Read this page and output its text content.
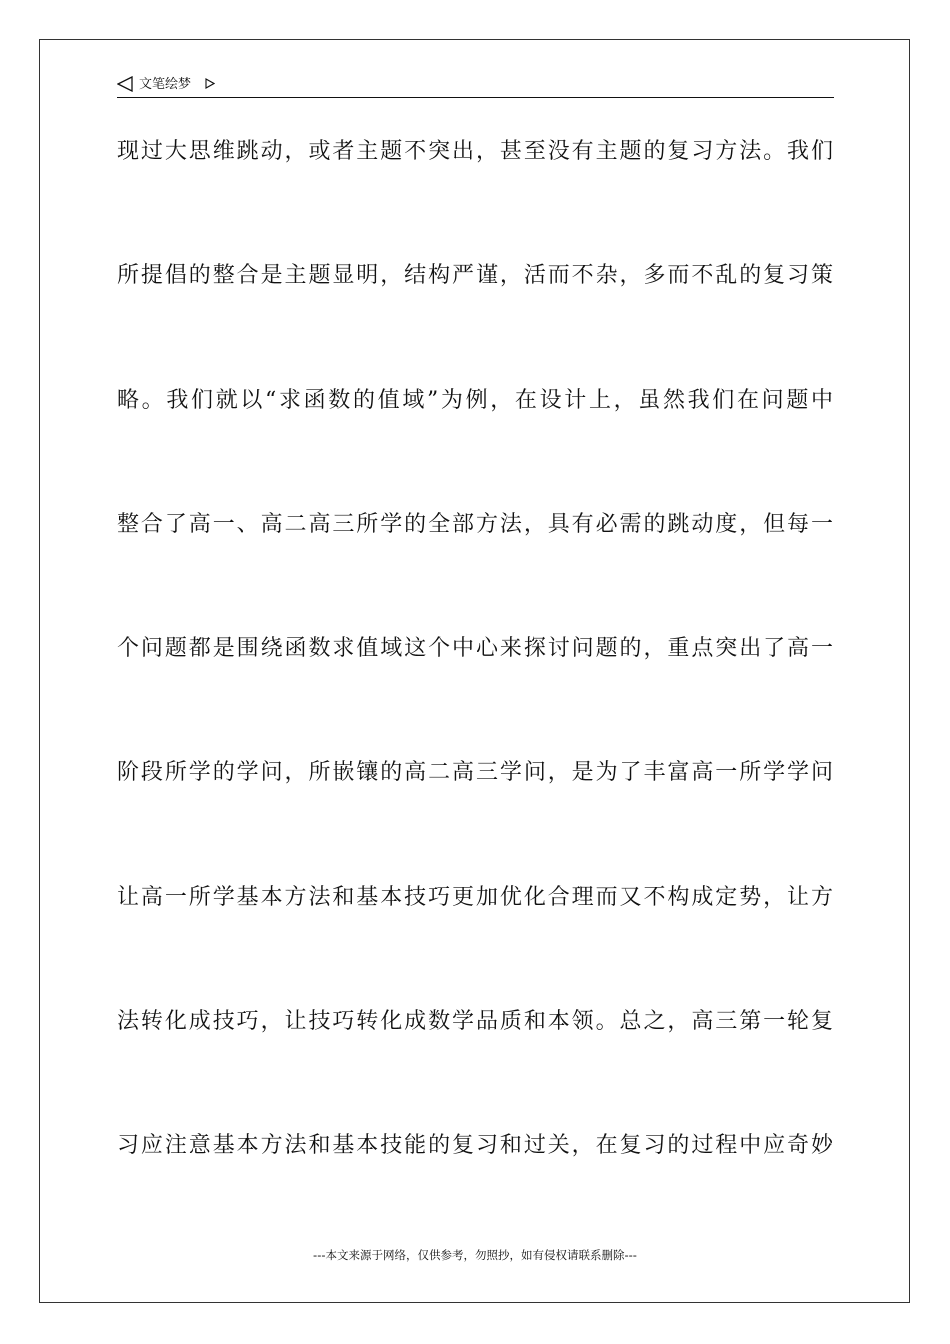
文笔绘梦
现过大思维跳动，或者主题不突出，甚至没有主题的复习方法。我们
所提倡的整合是主题显明，结构严谨，活而不杂，多而不乱的复习策
略。我们就以“求函数的值域”为例，在设计上，虽然我们在问题中
整合了高一、高二高三所学的全部方法，具有必需的跳动度，但每一
个问题都是围绕函数求值域这个中心来探讨问题的，重点突出了高一
阶段所学的学问，所嵌镶的高二高三学问，是为了丰富高一所学学问
让高一所学基本方法和基本技巧更加优化合理而又不构成定势，让方
法转化成技巧，让技巧转化成数学品质和本领。总之，高三第一轮复
习应注意基本方法和基本技能的复习和过关，在复习的过程中应奇妙
---本文来源于网络，仅供参考，勿照抄，如有侵权请联系删除---
